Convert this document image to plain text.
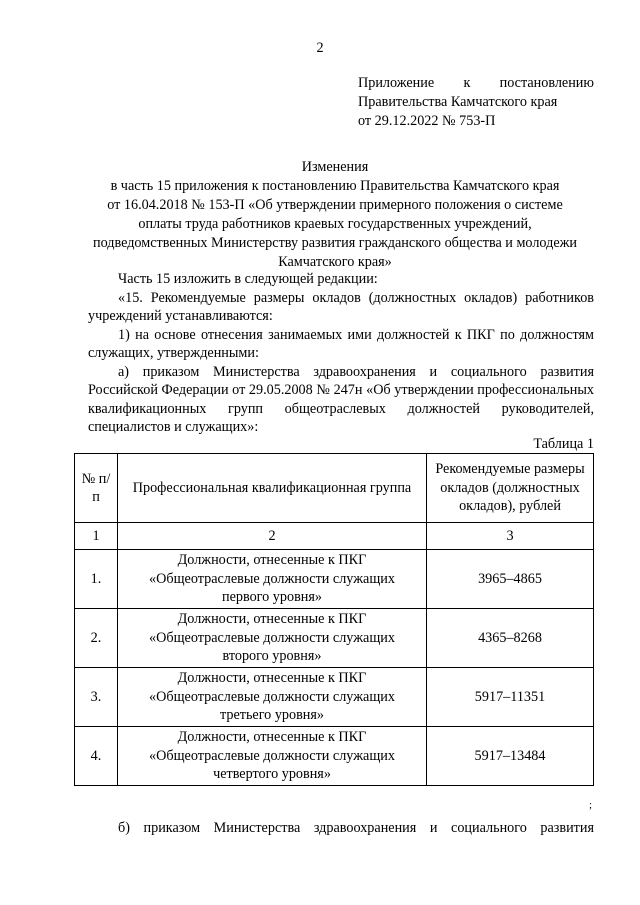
2
Приложение к постановлению
Правительства Камчатского края
от 29.12.2022 № 753-П
Изменения
в часть 15 приложения к постановлению Правительства Камчатского края
от 16.04.2018 № 153-П «Об утверждении примерного положения о системе
оплаты труда работников краевых государственных учреждений,
подведомственных Министерству развития гражданского общества и молодежи
Камчатского края»

Часть 15 изложить в следующей редакции:

«15. Рекомендуемые размеры окладов (должностных окладов) работников учреждений устанавливаются:

1) на основе отнесения занимаемых ими должностей к ПКГ по должностям служащих, утвержденными:

а) приказом Министерства здравоохранения и социального развития Российской Федерации от 29.05.2008 № 247н «Об утверждении профессиональных квалификационных групп общеотраслевых должностей руководителей, специалистов и служащих»:

Таблица 1
№ п/п	Профессиональная квалификационная группа	Рекомендуемые размеры окладов (должностных окладов), рублей
1	2	3
1.	Должности, отнесенные к ПКГ
«Общеотраслевые должности служащих
первого уровня»	3965–4865
2.	Должности, отнесенные к ПКГ
«Общеотраслевые должности служащих
второго уровня»	4365–8268
3.	Должности, отнесенные к ПКГ
«Общеотраслевые должности служащих
третьего уровня»	5917–11351
4.	Должности, отнесенные к ПКГ
«Общеотраслевые должности служащих
четвертого уровня»	5917–13484
;
б) приказом Министерства здравоохранения и социального развития
